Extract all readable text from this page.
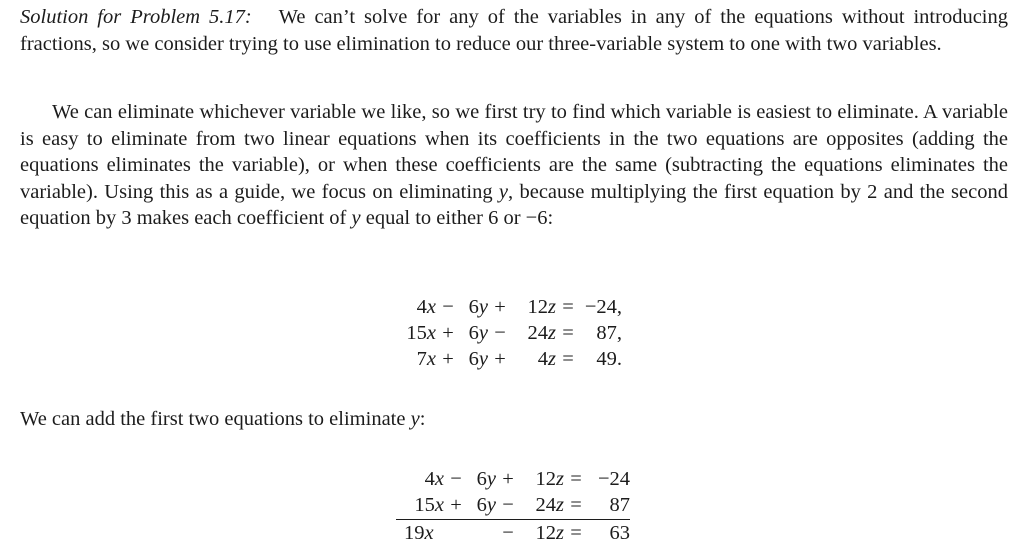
Solution for Problem 5.17: We can’t solve for any of the variables in any of the equations without introducing fractions, so we consider trying to use elimination to reduce our three-variable system to one with two variables.

We can eliminate whichever variable we like, so we first try to find which variable is easiest to eliminate. A variable is easy to eliminate from two linear equations when its coefficients in the two equations are opposites (adding the equations eliminates the variable), or when these coefficients are the same (subtracting the equations eliminates the variable). Using this as a guide, we focus on eliminating y, because multiplying the first equation by 2 and the second equation by 3 makes each coefficient of y equal to either 6 or −6:

4x	−	6y	+	12z	=	−24,
15x	+	6y	−	24z	=	87,
7x	+	6y	+	4z	=	49.

We can add the first two equations to eliminate y:

4x	−	6y	+	12z	=	−24
15x	+	6y	−	24z	=	87
19x			−	12z	=	63
